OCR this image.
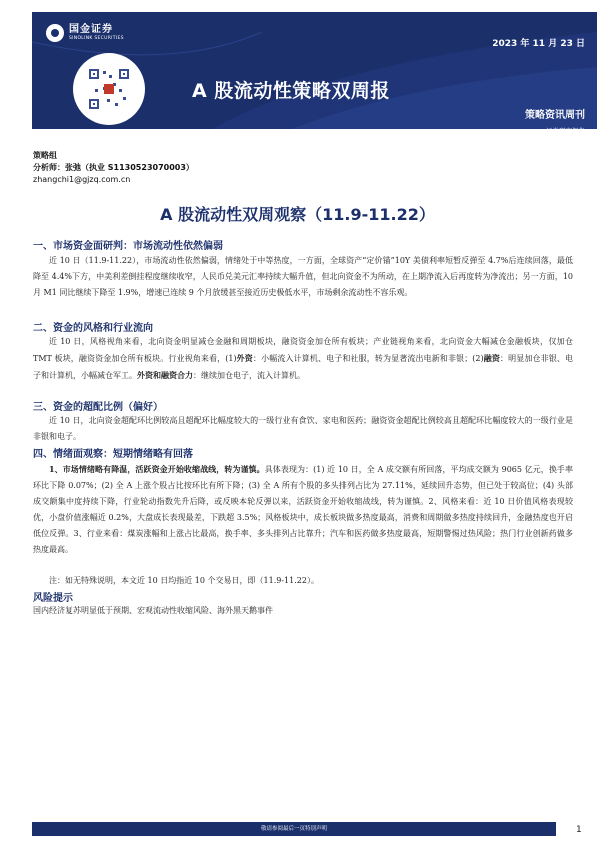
国金证券
SINOLINK SECURITIES
2023 年 11 月 23 日
A 股流动性策略双周报
策略资讯周刊
证券研究报告
策略组
分析师：张弛（执业 S1130523070003）
zhangchi1@gjzq.com.cn
A 股流动性双周观察（11.9-11.22）
一、市场资金面研判：市场流动性依然偏弱
近 10 日（11.9-11.22），市场流动性依然偏弱，情绪处于中等热度，一方面，全球资产“定价锚”10Y 美债利率短暂反弹至 4.7%后连续回落，最低降至 4.4%下方，中美利差倒挂程度继续收窄，人民币兑美元汇率持续大幅升值，但北向资金不为所动，在上期净流入后再度转为净流出；另一方面，10 月 M1 同比继续下降至 1.9%，增速已连续 9 个月放缓甚至接近历史极低水平，市场剩余流动性不容乐观。
二、资金的风格和行业流向
近 10 日，风格视角来看，北向资金明显减仓金融和周期板块，融资资金加仓所有板块；产业链视角来看，北向资金大幅减仓金融板块，仅加仓 TMT 板块，融资资金加仓所有板块。行业视角来看，(1)外资：小幅流入计算机、电子和社服，转为显著流出电新和非银；(2)融资：明显加仓非银、电子和计算机，小幅减仓军工。外资和融资合力：继续加仓电子，流入计算机。
三、资金的超配比例（偏好）
近 10 日，北向资金超配环比例较高且超配环比幅度较大的一级行业有食饮、家电和医药；融资资金超配比例较高且超配环比幅度较大的一级行业是非银和电子。
四、情绪面观察：短期情绪略有回落
1、市场情绪略有降温，活跃资金开始收缩战线，转为谨慎。具体表现为：(1) 近 10 日，全 A 成交额有所回落，平均成交额为 9065 亿元，换手率环比下降 0.07%；(2) 全 A 上涨个股占比按环比有所下降；(3) 全 A 所有个股的多头排列占比为 27.11%，延续回升态势，但已处于较高位；(4) 头部成交额集中度持续下降，行业轮动指数先升后降，或反映本轮反弹以来，活跃资金开始收缩战线，转为谨慎。2、风格来看：近 10 日价值风格表现较优，小盘价值涨幅近 0.2%，大盘成长表现最差，下跌超 3.5%；风格板块中，成长板块做多热度最高，消费和周期做多热度持续回升，金融热度也开启低位反弹。3、行业来看：煤炭涨幅和上涨占比最高，换手率、多头排列占比靠升；汽车和医药做多热度最高，短期警惕过热风险；热门行业创新药做多热度最高。
注：如无特殊说明，本文近 10 日均指近 10 个交易日，即（11.9-11.22）。
风险提示
国内经济复苏明显低于预期、宏观流动性收缩风险、海外黑天鹅事件
敬请参阅最后一页特别声明	1
